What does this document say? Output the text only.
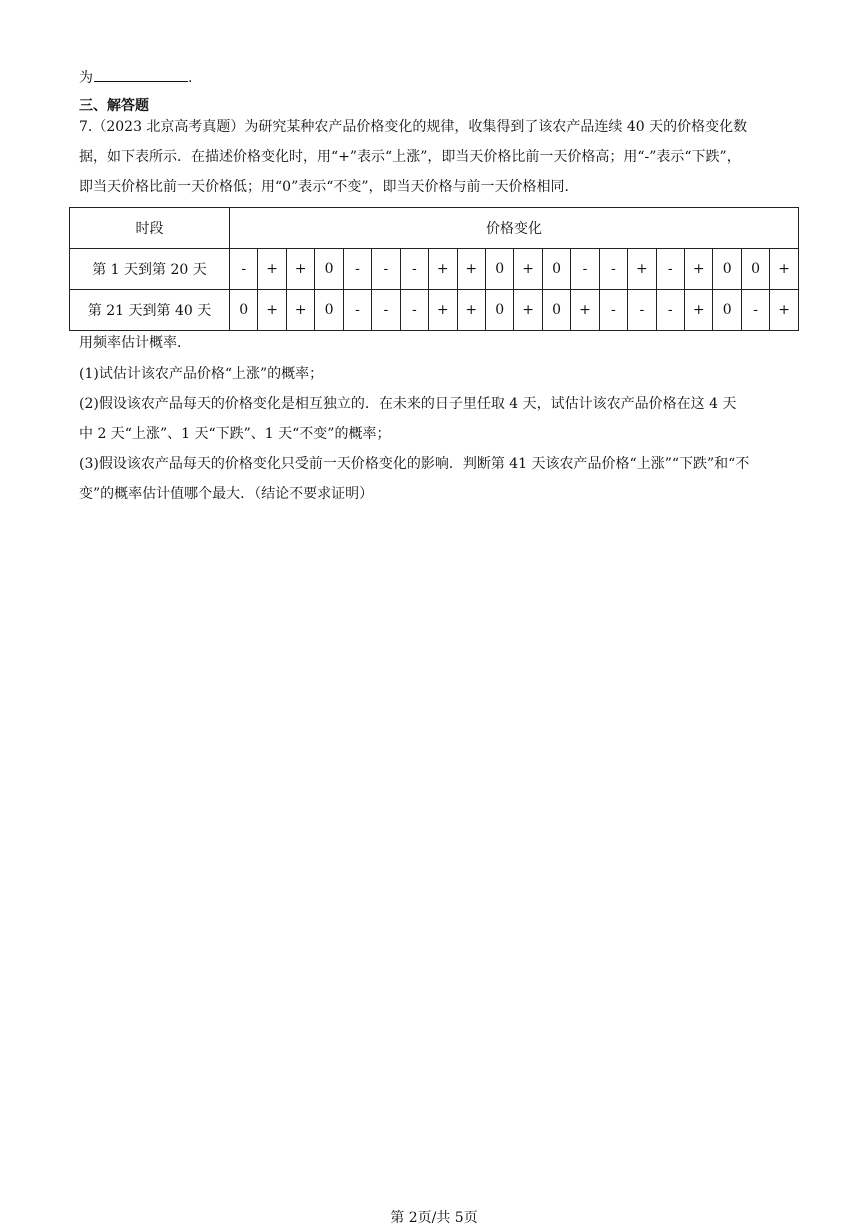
为	.
三、解答题
7.（2023 北京高考真题）为研究某种农产品价格变化的规律，收集得到了该农产品连续 40 天的价格变化数
据，如下表所示．在描述价格变化时，用“+”表示“上涨”，即当天价格比前一天价格高；用“-”表示“下跌”，
即当天价格比前一天价格低；用“0”表示“不变”，即当天价格与前一天价格相同．
时段	价格变化																			
第 1 天到第 20 天	-	+	+	0	-	-	-	+	+	0	+	0	-	-	+	-	+	0	0	+
第 21 天到第 40 天	0	+	+	0	-	-	-	+	+	0	+	0	+	-	-	-	+	0	-	+
用频率估计概率．
(1)试估计该农产品价格“上涨”的概率；
(2)假设该农产品每天的价格变化是相互独立的．在未来的日子里任取 4 天，试估计该农产品价格在这 4 天
中 2 天“上涨”、1 天“下跌”、1 天“不变”的概率；
(3)假设该农产品每天的价格变化只受前一天价格变化的影响．判断第 41 天该农产品价格“上涨”“下跌”和“不
变”的概率估计值哪个最大．（结论不要求证明）
第 2页/共 5页
